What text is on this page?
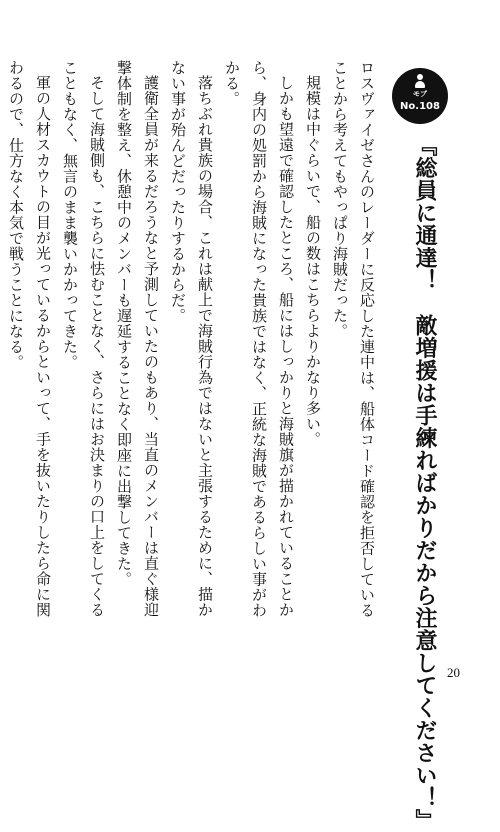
モブ
No.108
『総員に通達！　敵増援は手練ればかりだから注意してください！』

ロスヴァイゼさんのレーダーに反応した連中は、船体コード確認を拒否していることから考えてもやっぱり海賊だった。

規模は中ぐらいで、船の数はこちらよりかなり多い。

しかも望遠で確認したところ、船にはしっかりと海賊旗が描かれていることから、身内の処罰から海賊になった貴族ではなく、正統な海賊であるらしい事がわかる。

落ちぶれ貴族の場合、これは献上で海賊行為ではないと主張するために、描かない事が殆んどだったりするからだ。

護衛全員が来るだろうなと予測していたのもあり、当直のメンバーは直ぐ様迎撃体制を整え、休憩中のメンバーも遅延することなく即座に出撃してきた。

そして海賊側も、こちらに怯むことなく、さらにはお決まりの口上をしてくることもなく、無言のまま襲いかかってきた。

軍の人材スカウトの目が光っているからといって、手を抜いたりしたら命に関わるので、仕方なく本気で戦うことになる。

20
